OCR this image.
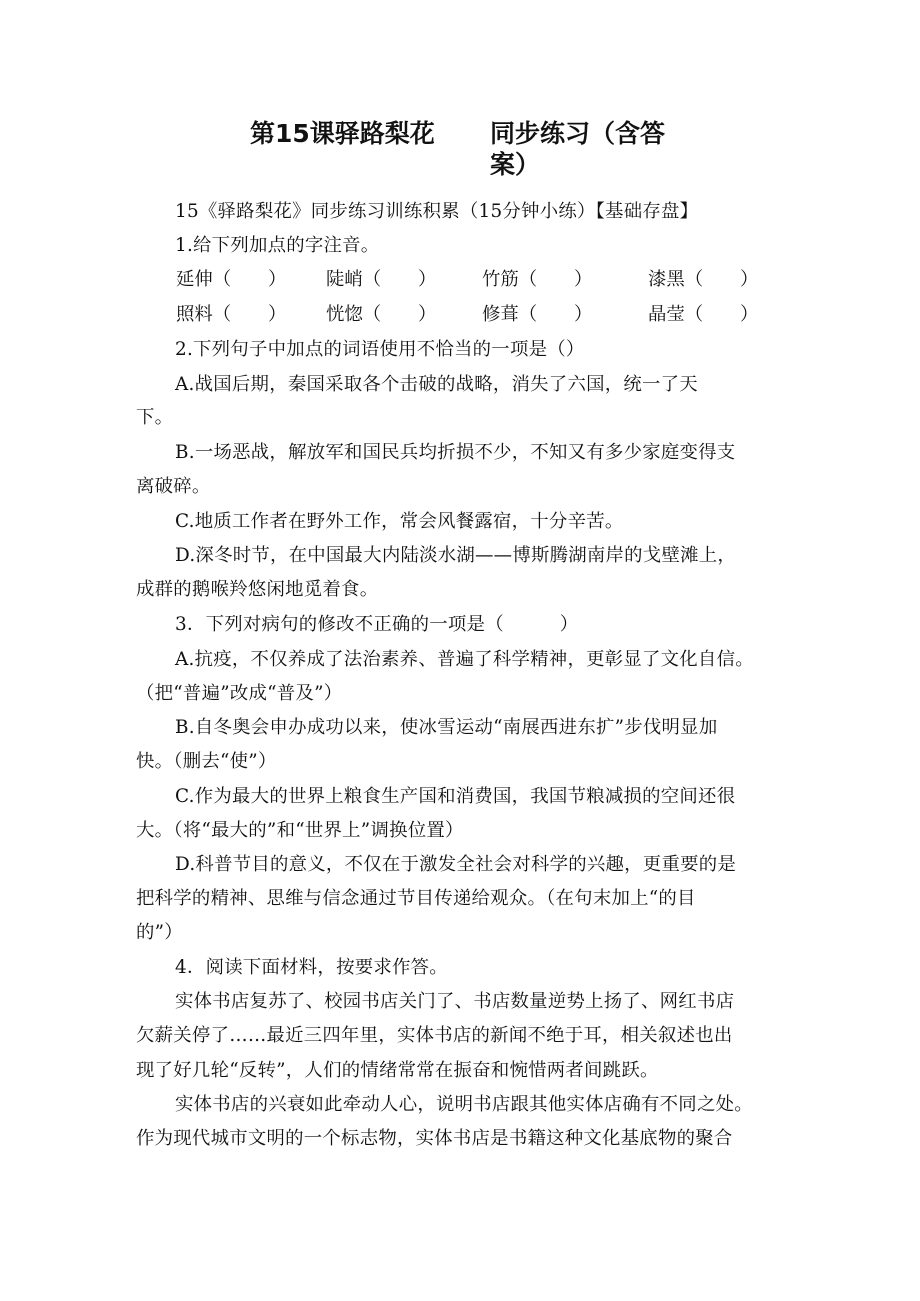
第15课驿路梨花 同步练习（含答
案）
15《驿路梨花》同步练习训练积累（15分钟小练）【基础存盘】
1.给下列加点的字注音。
延伸（　　） 陡峭（　　） 竹筋（　　）	漆黑（　　）
照料（　　） 恍惚（　　） 修葺（　　）	晶莹（　　）
2.下列句子中加点的词语使用不恰当的一项是（）
A.战国后期，秦国采取各个击破的战略，消失了六国，统一了天
下。
B.一场恶战，解放军和国民兵均折损不少，不知又有多少家庭变得支
离破碎。
C.地质工作者在野外工作，常会风餐露宿，十分辛苦。
D.深冬时节，在中国最大内陆淡水湖——博斯腾湖南岸的戈壁滩上，
成群的鹅喉羚悠闲地觅着食。
3．下列对病句的修改不正确的一项是（　　　）
A.抗疫，不仅养成了法治素养、普遍了科学精神，更彰显了文化自信。
（把“普遍”改成“普及”）
B.自冬奥会申办成功以来，使冰雪运动“南展西进东扩”步伐明显加
快。（删去“使”）
C.作为最大的世界上粮食生产国和消费国，我国节粮减损的空间还很
大。（将“最大的”和“世界上”调换位置）
D.科普节目的意义，不仅在于激发全社会对科学的兴趣，更重要的是
把科学的精神、思维与信念通过节目传递给观众。（在句末加上“的目
的”）
4．阅读下面材料，按要求作答。
实体书店复苏了、校园书店关门了、书店数量逆势上扬了、网红书店
欠薪关停了……最近三四年里，实体书店的新闻不绝于耳，相关叙述也出
现了好几轮“反转”，人们的情绪常常在振奋和惋惜两者间跳跃。
实体书店的兴衰如此牵动人心，说明书店跟其他实体店确有不同之处。
作为现代城市文明的一个标志物，实体书店是书籍这种文化基底物的聚合
